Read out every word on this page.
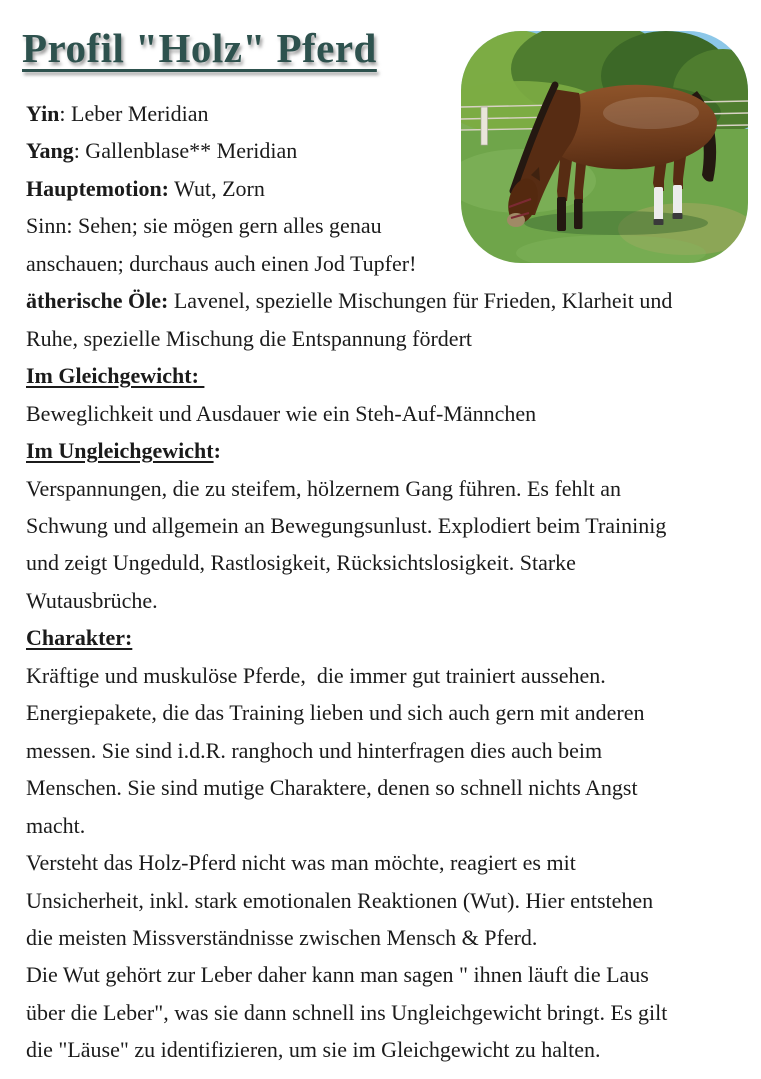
Profil "Holz" Pferd
Yin: Leber Meridian
Yang: Gallenblase** Meridian
Hauptemotion: Wut, Zorn
Sinn: Sehen; sie mögen gern alles genau
anschauen; durchaus auch einen Jod Tupfer!
ätherische Öle: Lavenel, spezielle Mischungen für Frieden, Klarheit und
Ruhe, spezielle Mischung die Entspannung fördert
Im Gleichgewicht:
Beweglichkeit und Ausdauer wie ein Steh-Auf-Männchen
Im Ungleichgewicht:
Verspannungen, die zu steifem, hölzernem Gang führen. Es fehlt an
Schwung und allgemein an Bewegungsunlust. Explodiert beim Traininig
und zeigt Ungeduld, Rastlosigkeit, Rücksichtslosigkeit. Starke
Wutausbrüche.
Charakter:
Kräftige und muskulöse Pferde,  die immer gut trainiert aussehen.
Energiepakete, die das Training lieben und sich auch gern mit anderen
messen. Sie sind i.d.R. ranghoch und hinterfragen dies auch beim
Menschen. Sie sind mutige Charaktere, denen so schnell nichts Angst
macht.
Versteht das Holz-Pferd nicht was man möchte, reagiert es mit
Unsicherheit, inkl. stark emotionalen Reaktionen (Wut). Hier entstehen
die meisten Missverständnisse zwischen Mensch & Pferd.
Die Wut gehört zur Leber daher kann man sagen " ihnen läuft die Laus
über die Leber", was sie dann schnell ins Ungleichgewicht bringt. Es gilt
die "Läuse" zu identifizieren, um sie im Gleichgewicht zu halten.
